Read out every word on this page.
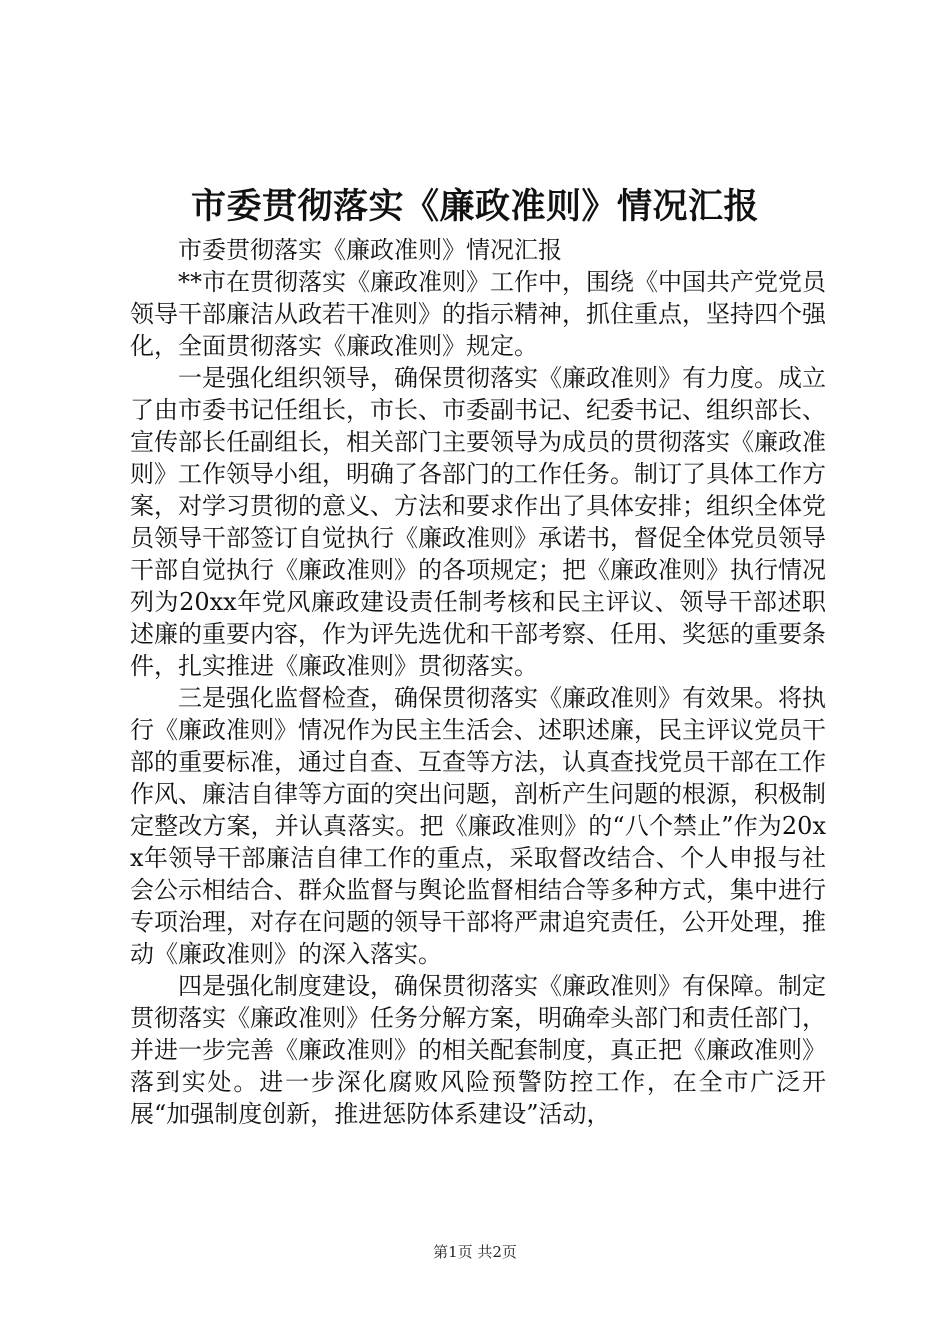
市委贯彻落实《廉政准则》情况汇报

市委贯彻落实《廉政准则》情况汇报

**市在贯彻落实《廉政准则》工作中，围绕《中国共产党党员领导干部廉洁从政若干准则》的指示精神，抓住重点，坚持四个强化，全面贯彻落实《廉政准则》规定。

一是强化组织领导，确保贯彻落实《廉政准则》有力度。成立了由市委书记任组长，市长、市委副书记、纪委书记、组织部长、宣传部长任副组长，相关部门主要领导为成员的贯彻落实《廉政准则》工作领导小组，明确了各部门的工作任务。制订了具体工作方案，对学习贯彻的意义、方法和要求作出了具体安排；组织全体党员领导干部签订自觉执行《廉政准则》承诺书，督促全体党员领导干部自觉执行《廉政准则》的各项规定；把《廉政准则》执行情况列为20xx年党风廉政建设责任制考核和民主评议、领导干部述职述廉的重要内容，作为评先选优和干部考察、任用、奖惩的重要条件，扎实推进《廉政准则》贯彻落实。

三是强化监督检查，确保贯彻落实《廉政准则》有效果。将执行《廉政准则》情况作为民主生活会、述职述廉，民主评议党员干部的重要标准，通过自查、互查等方法，认真查找党员干部在工作作风、廉洁自律等方面的突出问题，剖析产生问题的根源，积极制定整改方案，并认真落实。把《廉政准则》的“八个禁止”作为20xx年领导干部廉洁自律工作的重点，采取督改结合、个人申报与社会公示相结合、群众监督与舆论监督相结合等多种方式，集中进行专项治理，对存在问题的领导干部将严肃追究责任，公开处理，推动《廉政准则》的深入落实。

四是强化制度建设，确保贯彻落实《廉政准则》有保障。制定贯彻落实《廉政准则》任务分解方案，明确牵头部门和责任部门，并进一步完善《廉政准则》的相关配套制度，真正把《廉政准则》落到实处。进一步深化腐败风险预警防控工作，在全市广泛开展“加强制度创新，推进惩防体系建设”活动，

第1页 共2页
